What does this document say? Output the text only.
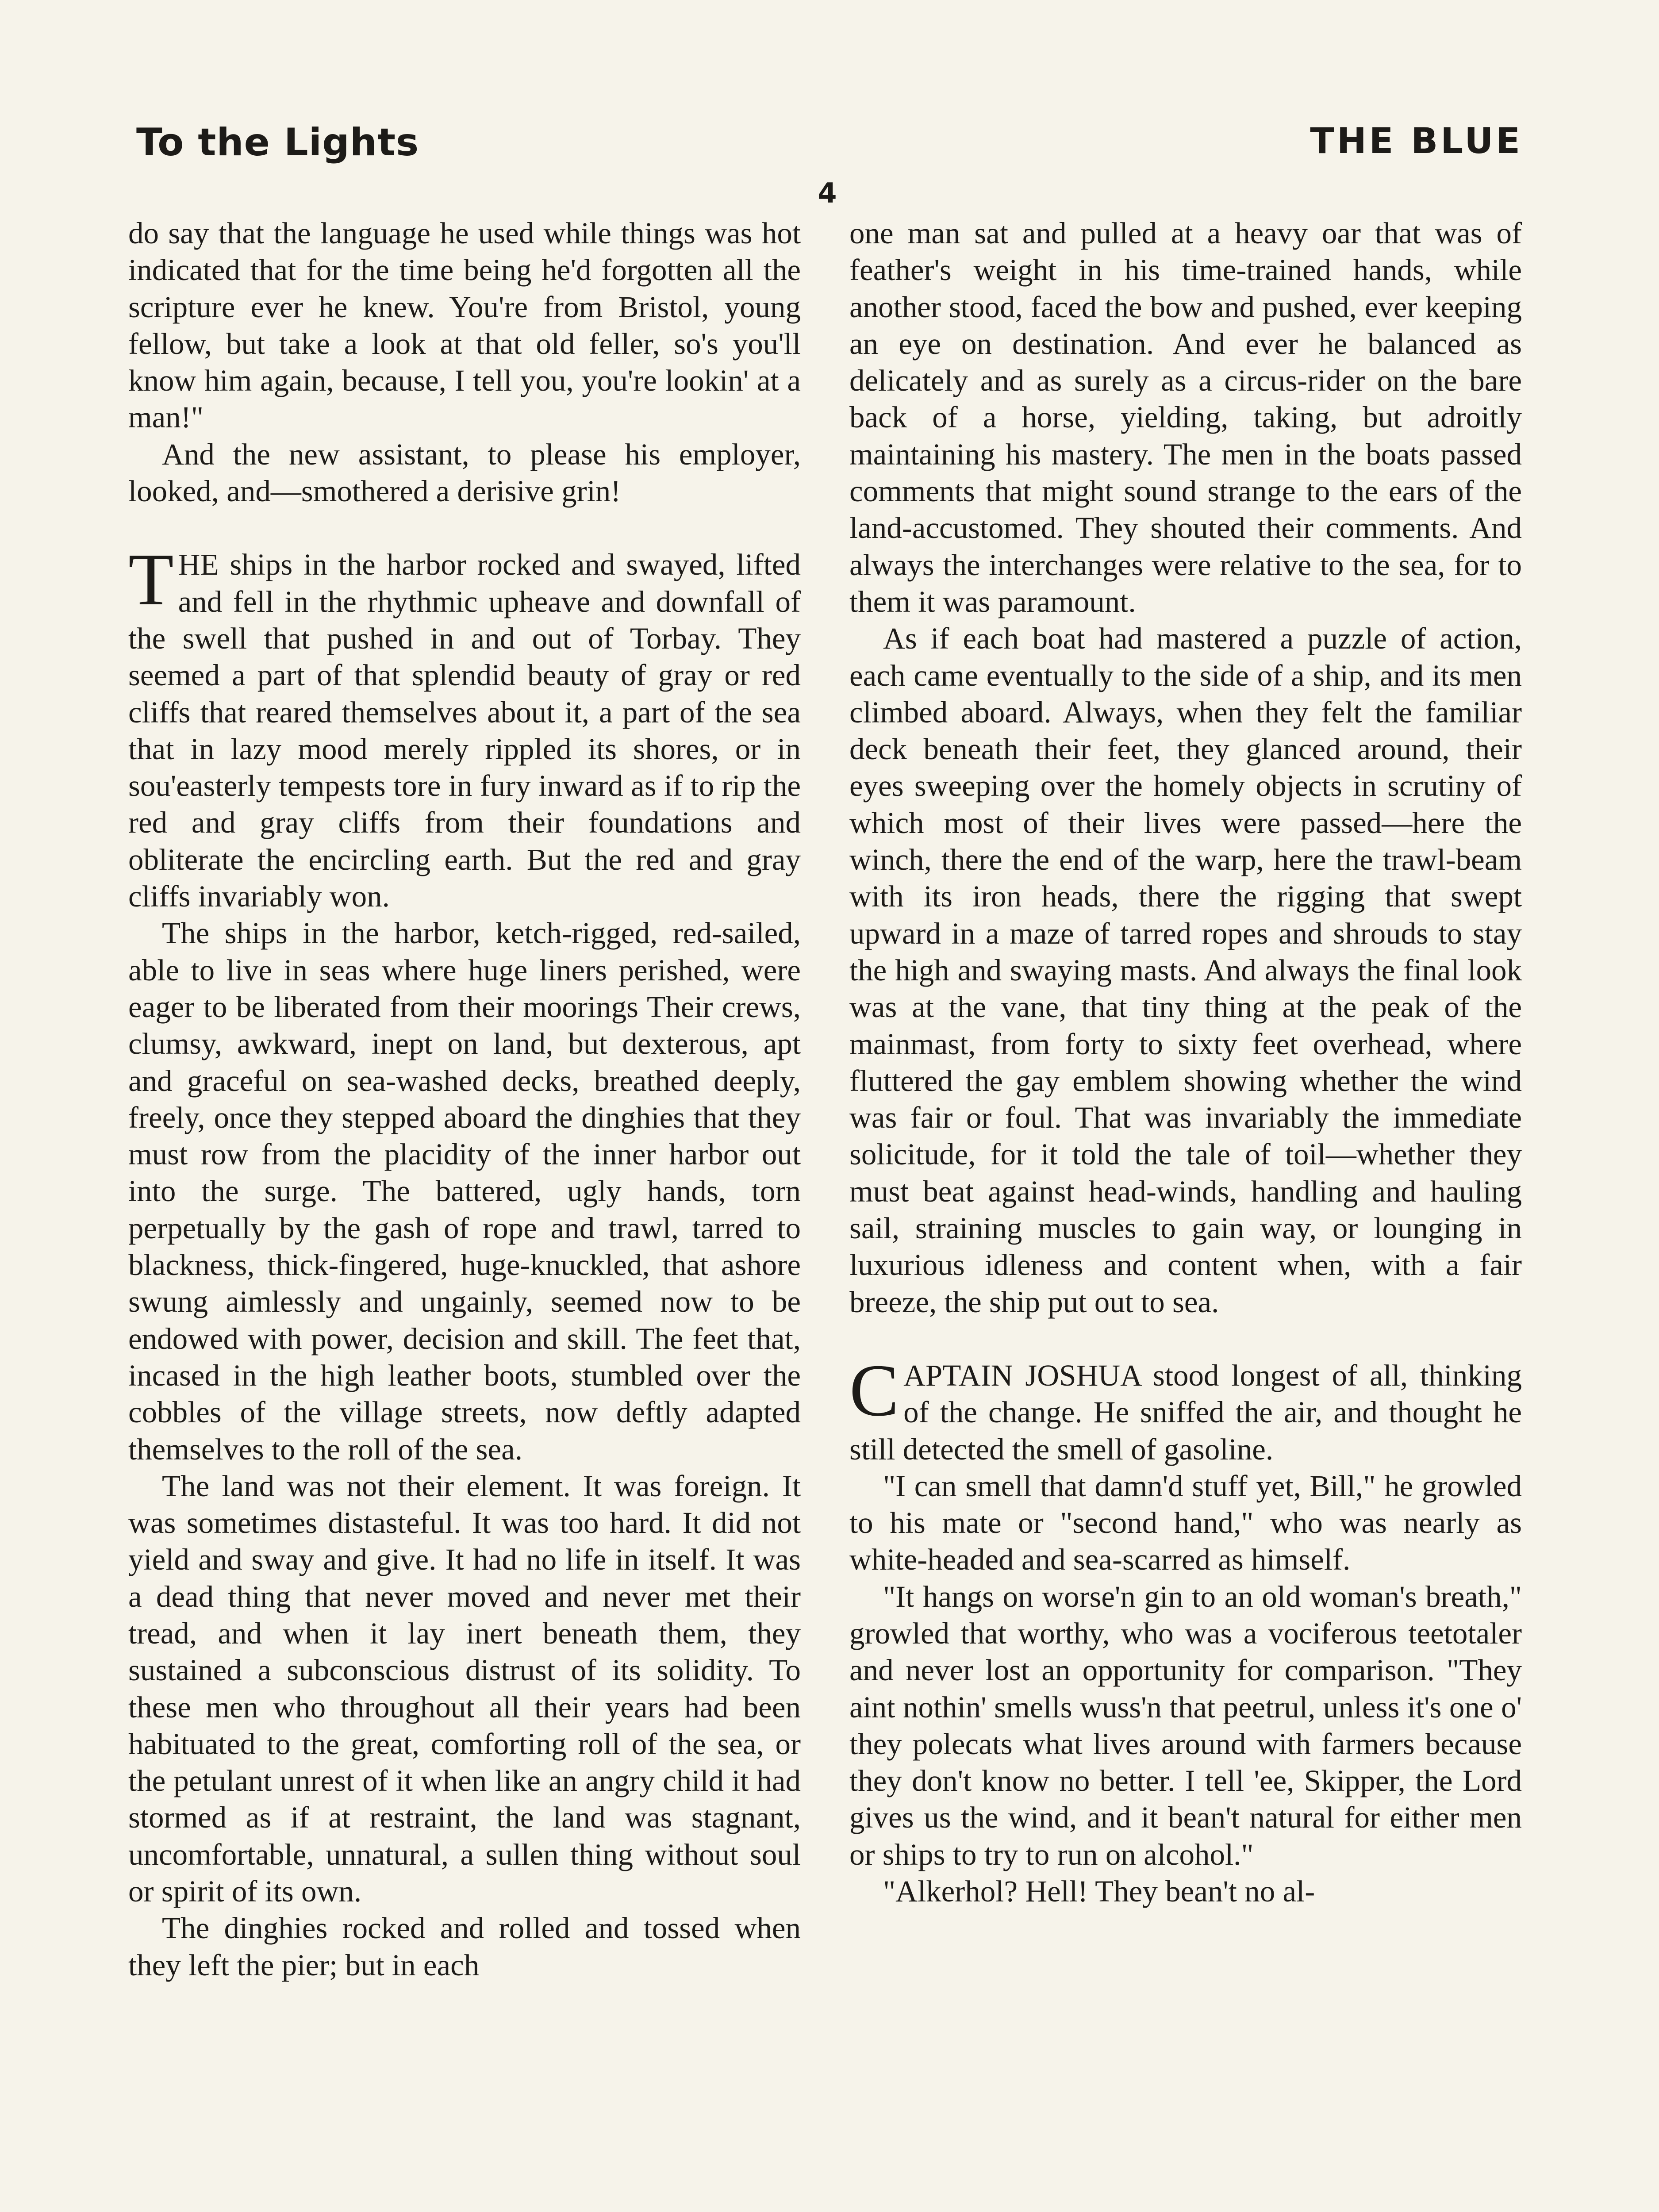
To the Lights	THE BLUE
4

do say that the language he used while things was hot indicated that for the time being he'd forgotten all the scripture ever he knew. You're from Bristol, young fellow, but take a look at that old feller, so's you'll know him again, because, I tell you, you're lookin' at a man!"

And the new assistant, to please his employer, looked, and—smothered a derisive grin!

THE ships in the harbor rocked and swayed, lifted and fell in the rhythmic upheave and downfall of the swell that pushed in and out of Torbay. They seemed a part of that splendid beauty of gray or red cliffs that reared themselves about it, a part of the sea that in lazy mood merely rippled its shores, or in sou'easterly tempests tore in fury inward as if to rip the red and gray cliffs from their foundations and obliterate the encircling earth. But the red and gray cliffs invariably won.

The ships in the harbor, ketch-rigged, red-sailed, able to live in seas where huge liners perished, were eager to be liberated from their moorings Their crews, clumsy, awkward, inept on land, but dexterous, apt and graceful on sea-washed decks, breathed deeply, freely, once they stepped aboard the dinghies that they must row from the placidity of the inner harbor out into the surge. The battered, ugly hands, torn perpetually by the gash of rope and trawl, tarred to blackness, thick-fingered, huge-knuckled, that ashore swung aimlessly and ungainly, seemed now to be endowed with power, decision and skill. The feet that, incased in the high leather boots, stumbled over the cobbles of the village streets, now deftly adapted themselves to the roll of the sea.

The land was not their element. It was foreign. It was sometimes distasteful. It was too hard. It did not yield and sway and give. It had no life in itself. It was a dead thing that never moved and never met their tread, and when it lay inert beneath them, they sustained a subconscious distrust of its solidity. To these men who throughout all their years had been habituated to the great, comforting roll of the sea, or the petulant unrest of it when like an angry child it had stormed as if at restraint, the land was stagnant, uncomfortable, unnatural, a sullen thing without soul or spirit of its own.

The dinghies rocked and rolled and tossed when they left the pier; but in each

one man sat and pulled at a heavy oar that was of feather's weight in his time-trained hands, while another stood, faced the bow and pushed, ever keeping an eye on destination. And ever he balanced as delicately and as surely as a circus-rider on the bare back of a horse, yielding, taking, but adroitly maintaining his mastery. The men in the boats passed comments that might sound strange to the ears of the land-accustomed. They shouted their comments. And always the interchanges were relative to the sea, for to them it was paramount.

As if each boat had mastered a puzzle of action, each came eventually to the side of a ship, and its men climbed aboard. Always, when they felt the familiar deck beneath their feet, they glanced around, their eyes sweeping over the homely objects in scrutiny of which most of their lives were passed—here the winch, there the end of the warp, here the trawl-beam with its iron heads, there the rigging that swept upward in a maze of tarred ropes and shrouds to stay the high and swaying masts. And always the final look was at the vane, that tiny thing at the peak of the mainmast, from forty to sixty feet overhead, where fluttered the gay emblem showing whether the wind was fair or foul. That was invariably the immediate solicitude, for it told the tale of toil—whether they must beat against head-winds, handling and hauling sail, straining muscles to gain way, or lounging in luxurious idleness and content when, with a fair breeze, the ship put out to sea.

CAPTAIN JOSHUA stood longest of all, thinking of the change. He sniffed the air, and thought he still detected the smell of gasoline.

"I can smell that damn'd stuff yet, Bill," he growled to his mate or "second hand," who was nearly as white-headed and sea-scarred as himself.

"It hangs on worse'n gin to an old woman's breath," growled that worthy, who was a vociferous teetotaler and never lost an opportunity for comparison. "They aint nothin' smells wuss'n that peetrul, unless it's one o' they polecats what lives around with farmers because they don't know no better. I tell 'ee, Skipper, the Lord gives us the wind, and it bean't natural for either men or ships to try to run on alcohol."

"Alkerhol? Hell! They bean't no al-
